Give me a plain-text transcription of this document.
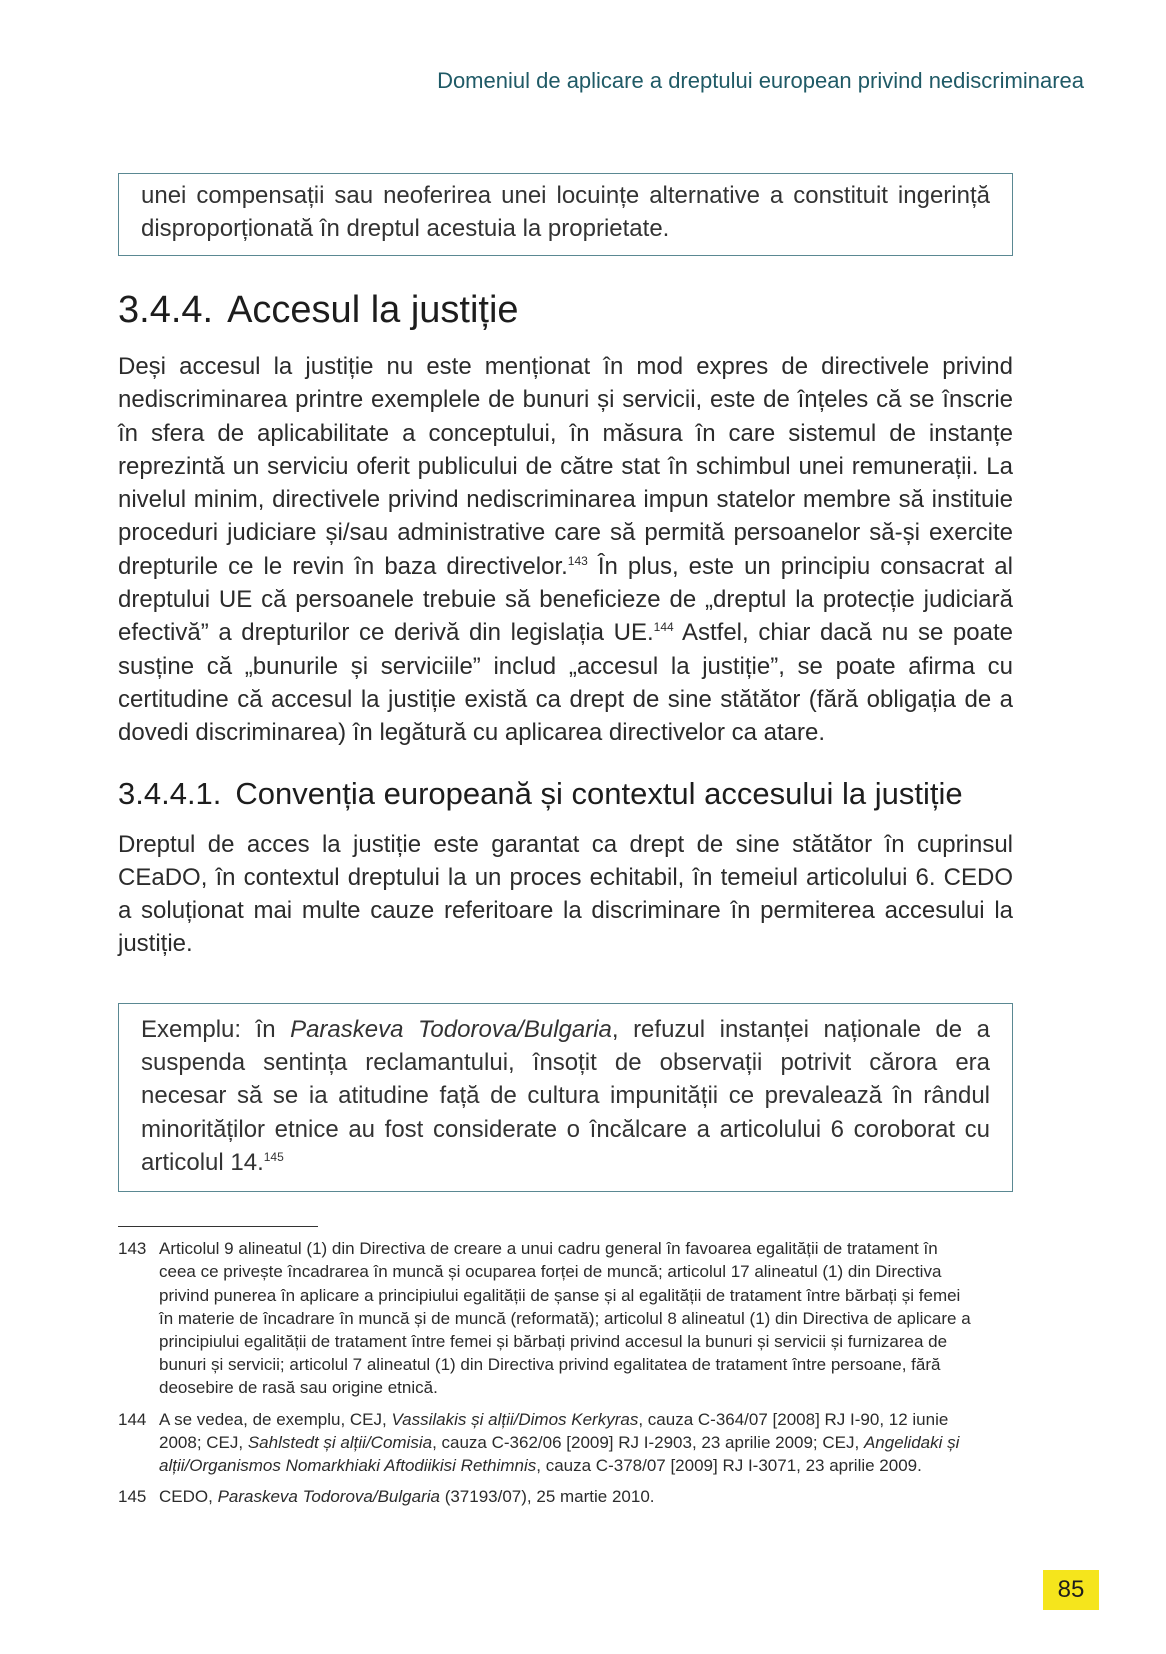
Domeniul de aplicare a dreptului european privind nediscriminarea

unei compensații sau neoferirea unei locuințe alternative a constituit ingerință disproporționată în dreptul acestuia la proprietate.

3.4.4. Accesul la justiție

Deși accesul la justiție nu este menționat în mod expres de directivele privind nediscriminarea printre exemplele de bunuri și servicii, este de înțeles că se înscrie în sfera de aplicabilitate a conceptului, în măsura în care sistemul de instanțe reprezintă un serviciu oferit publicului de către stat în schimbul unei remunerații. La nivelul minim, directivele privind nediscriminarea impun statelor membre să instituie proceduri judiciare și/sau administrative care să permită persoanelor să-și exercite drepturile ce le revin în baza directivelor.$^{143}$ În plus, este un principiu consacrat al dreptului UE că persoanele trebuie să beneficieze de „dreptul la protecție judiciară efectivă” a drepturilor ce derivă din legislația UE.$^{144}$ Astfel, chiar dacă nu se poate susține că „bunurile și serviciile” includ „accesul la justiție”, se poate afirma cu certitudine că accesul la justiție există ca drept de sine stătător (fără obligația de a dovedi discriminarea) în legătură cu aplicarea directivelor ca atare.

3.4.4.1. Convenția europeană și contextul accesului la justiție

Dreptul de acces la justiție este garantat ca drept de sine stătător în cuprinsul CEaDO, în contextul dreptului la un proces echitabil, în temeiul articolului 6. CEDO a soluționat mai multe cauze referitoare la discriminare în permiterea accesului la justiție.

Exemplu: în Paraskeva Todorova/Bulgaria, refuzul instanței naționale de a suspenda sentința reclamantului, însoțit de observații potrivit cărora era necesar să se ia atitudine față de cultura impunității ce prevalează în rândul minorităților etnice au fost considerate o încălcare a articolului 6 coroborat cu articolul 14.$^{145}$

143 Articolul 9 alineatul (1) din Directiva de creare a unui cadru general în favoarea egalității de tratament în ceea ce privește încadrarea în muncă și ocuparea forței de muncă; articolul 17 alineatul (1) din Directiva privind punerea în aplicare a principiului egalității de șanse și al egalității de tratament între bărbați și femei în materie de încadrare în muncă și de muncă (reformată); articolul 8 alineatul (1) din Directiva de aplicare a principiului egalității de tratament între femei și bărbați privind accesul la bunuri și servicii și furnizarea de bunuri și servicii; articolul 7 alineatul (1) din Directiva privind egalitatea de tratament între persoane, fără deosebire de rasă sau origine etnică.
144 A se vedea, de exemplu, CEJ, Vassilakis și alții/Dimos Kerkyras, cauza C-364/07 [2008] RJ I-90, 12 iunie 2008; CEJ, Sahlstedt și alții/Comisia, cauza C-362/06 [2009] RJ I-2903, 23 aprilie 2009; CEJ, Angelidaki și alții/Organismos Nomarkhiaki Aftodiikisi Rethimnis, cauza C-378/07 [2009] RJ I-3071, 23 aprilie 2009.
145 CEDO, Paraskeva Todorova/Bulgaria (37193/07), 25 martie 2010.
85
